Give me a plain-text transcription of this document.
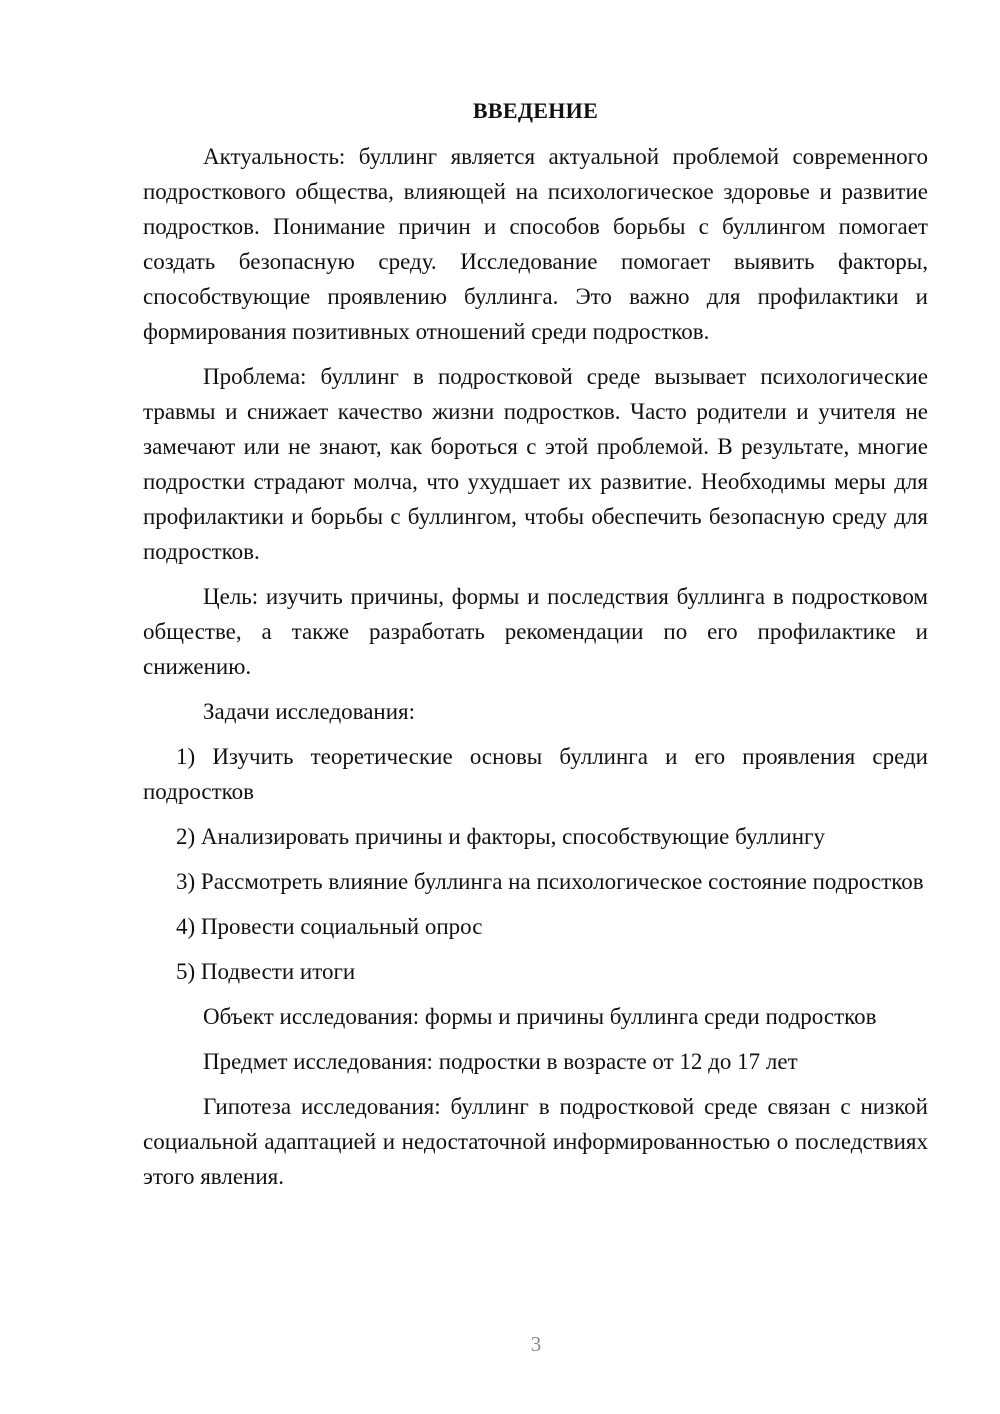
ВВЕДЕНИЕ

Актуальность: буллинг является актуальной проблемой современного подросткового общества, влияющей на психологическое здоровье и развитие подростков. Понимание причин и способов борьбы с буллингом помогает создать безопасную среду. Исследование помогает выявить факторы, способствующие проявлению буллинга. Это важно для профилактики и формирования позитивных отношений среди подростков.

Проблема: буллинг в подростковой среде вызывает психологические травмы и снижает качество жизни подростков. Часто родители и учителя не замечают или не знают, как бороться с этой проблемой. В результате, многие подростки страдают молча, что ухудшает их развитие. Необходимы меры для профилактики и борьбы с буллингом, чтобы обеспечить безопасную среду для подростков.

Цель: изучить причины, формы и последствия буллинга в подростковом обществе, а также разработать рекомендации по его профилактике и снижению.

Задачи исследования:

1) Изучить теоретические основы буллинга и его проявления среди подростков

2) Анализировать причины и факторы, способствующие буллингу

3) Рассмотреть влияние буллинга на психологическое состояние подростков

4) Провести социальный опрос

5) Подвести итоги

Объект исследования: формы и причины буллинга среди подростков

Предмет исследования: подростки в возрасте от 12 до 17 лет

Гипотеза исследования: буллинг в подростковой среде связан с низкой социальной адаптацией и недостаточной информированностью о последствиях этого явления.

3
